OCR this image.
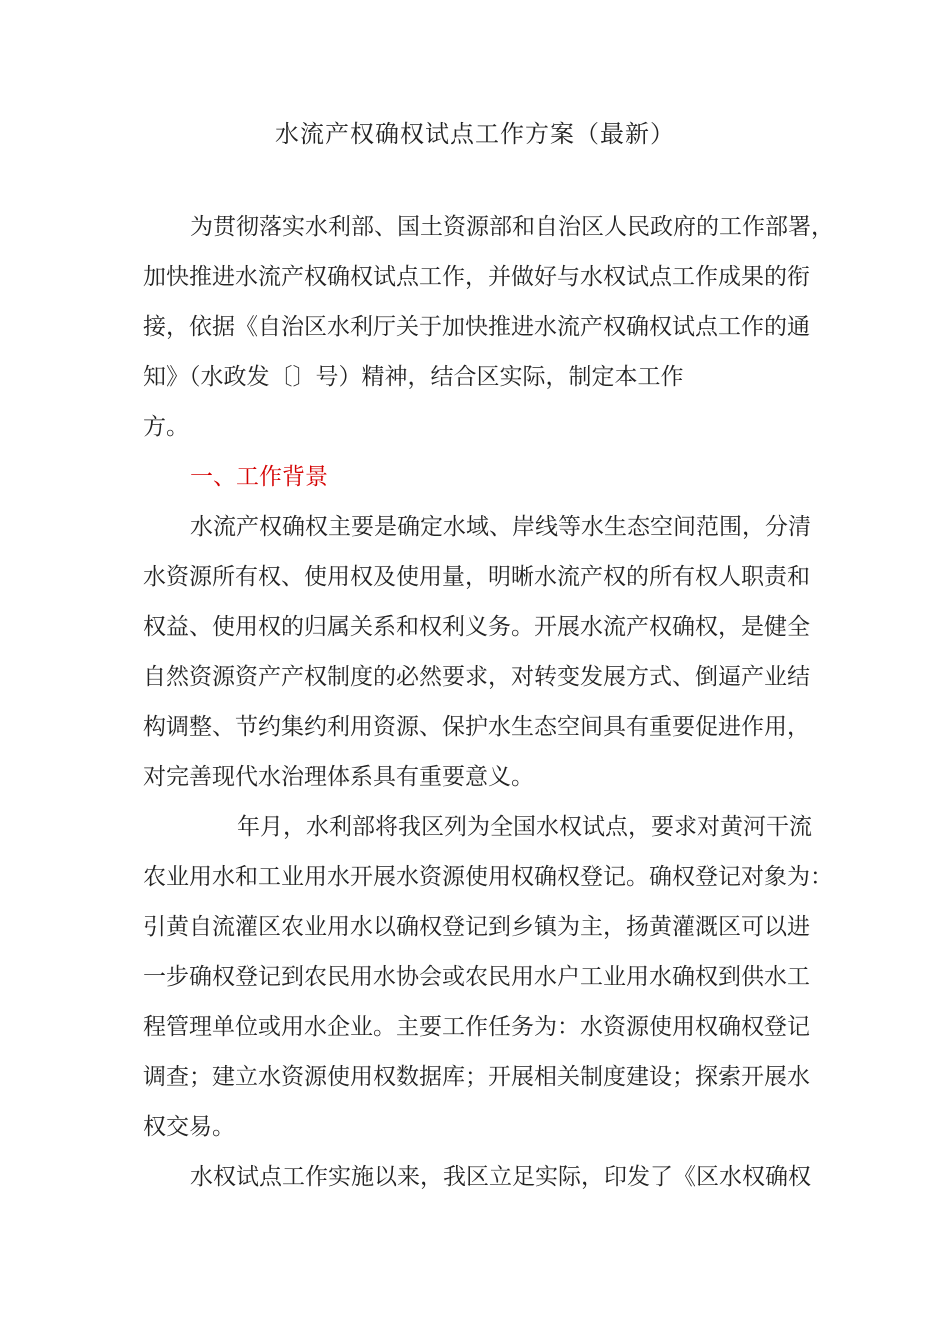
水流产权确权试点工作方案（最新）
为贯彻落实水利部、国土资源部和自治区人民政府的工作部署，
加快推进水流产权确权试点工作，并做好与水权试点工作成果的衔
接，依据《自治区水利厅关于加快推进水流产权确权试点工作的通
知》（水政发〔〕号）精神，结合区实际，制定本工作
方。
一、工作背景
水流产权确权主要是确定水域、岸线等水生态空间范围，分清
水资源所有权、使用权及使用量，明晰水流产权的所有权人职责和
权益、使用权的归属关系和权利义务。开展水流产权确权，是健全
自然资源资产产权制度的必然要求，对转变发展方式、倒逼产业结
构调整、节约集约利用资源、保护水生态空间具有重要促进作用，
对完善现代水治理体系具有重要意义。
年月，水利部将我区列为全国水权试点，要求对黄河干流
农业用水和工业用水开展水资源使用权确权登记。确权登记对象为：
引黄自流灌区农业用水以确权登记到乡镇为主，扬黄灌溉区可以进
一步确权登记到农民用水协会或农民用水户工业用水确权到供水工
程管理单位或用水企业。主要工作任务为：水资源使用权确权登记
调查；建立水资源使用权数据库；开展相关制度建设；探索开展水
权交易。
水权试点工作实施以来，我区立足实际，印发了《区水权确权
